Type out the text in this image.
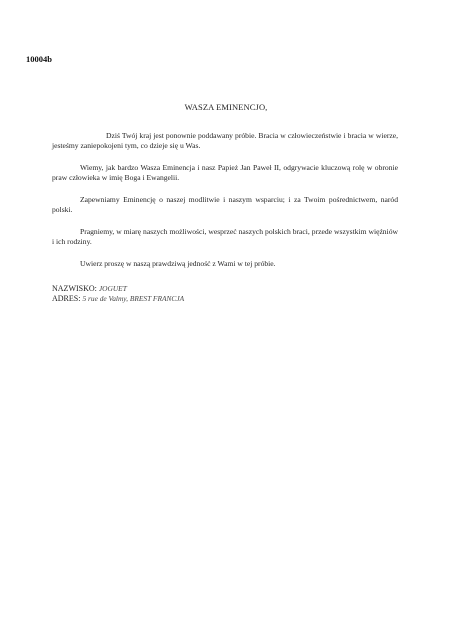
10004b
WASZA EMINENCJO,

Dziś Twój kraj jest ponownie poddawany próbie. Bracia w człowieczeństwie i bracia w wierze, jesteśmy zaniepokojeni tym, co dzieje się u Was.

Wiemy, jak bardzo Wasza Eminencja i nasz Papież Jan Paweł II, odgrywacie kluczową rolę w obronie praw człowieka w imię Boga i Ewangelii.

Zapewniamy Eminencję o naszej modlitwie i naszym wsparciu; i za Twoim pośrednictwem, naród polski.

Pragniemy, w miarę naszych możliwości, wesprzeć naszych polskich braci, przede wszystkim więźniów i ich rodziny.

Uwierz proszę w naszą prawdziwą jedność z Wami w tej próbie.

NAZWISKO: JOGUET
ADRES: 5 rue de Valmy, BREST FRANCJA
